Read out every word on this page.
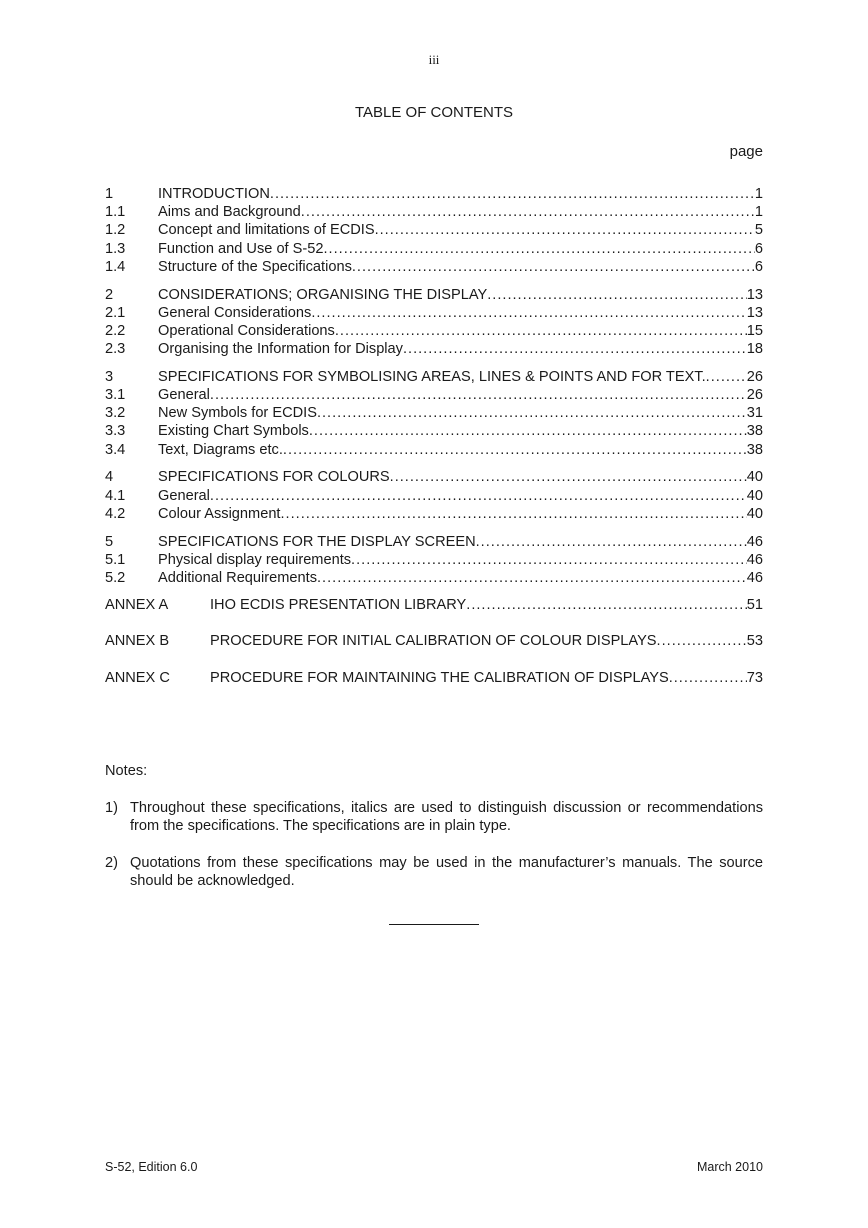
iii
TABLE OF CONTENTS
page
1	INTRODUCTION .....	1
1.1	Aims and Background .....	1
1.2	Concept and limitations of ECDIS .....	5
1.3	Function and Use of S-52 .....	6
1.4	Structure of the Specifications .....	6
2	CONSIDERATIONS; ORGANISING THE DISPLAY .....	13
2.1	General Considerations .....	13
2.2	Operational Considerations .....	15
2.3	Organising the Information for Display .....	18
3	SPECIFICATIONS FOR SYMBOLISING AREAS, LINES & POINTS AND FOR TEXT. .....	26
3.1	General .....	26
3.2	New Symbols for ECDIS .....	31
3.3	Existing Chart Symbols .....	38
3.4	Text, Diagrams etc. .....	38
4	SPECIFICATIONS FOR COLOURS .....	40
4.1	General .....	40
4.2	Colour Assignment .....	40
5	SPECIFICATIONS FOR THE DISPLAY SCREEN .....	46
5.1	Physical display requirements .....	46
5.2	Additional Requirements .....	46
ANNEX A	IHO ECDIS PRESENTATION LIBRARY .....	51
ANNEX B	PROCEDURE FOR INITIAL CALIBRATION OF COLOUR DISPLAYS .....	53
ANNEX C	PROCEDURE FOR MAINTAINING THE CALIBRATION OF DISPLAYS .....	73
Notes:
1) Throughout these specifications, italics are used to distinguish discussion or recommendations from the specifications. The specifications are in plain type.
2) Quotations from these specifications may be used in the manufacturer’s manuals. The source should be acknowledged.
S-52, Edition 6.0	March 2010
